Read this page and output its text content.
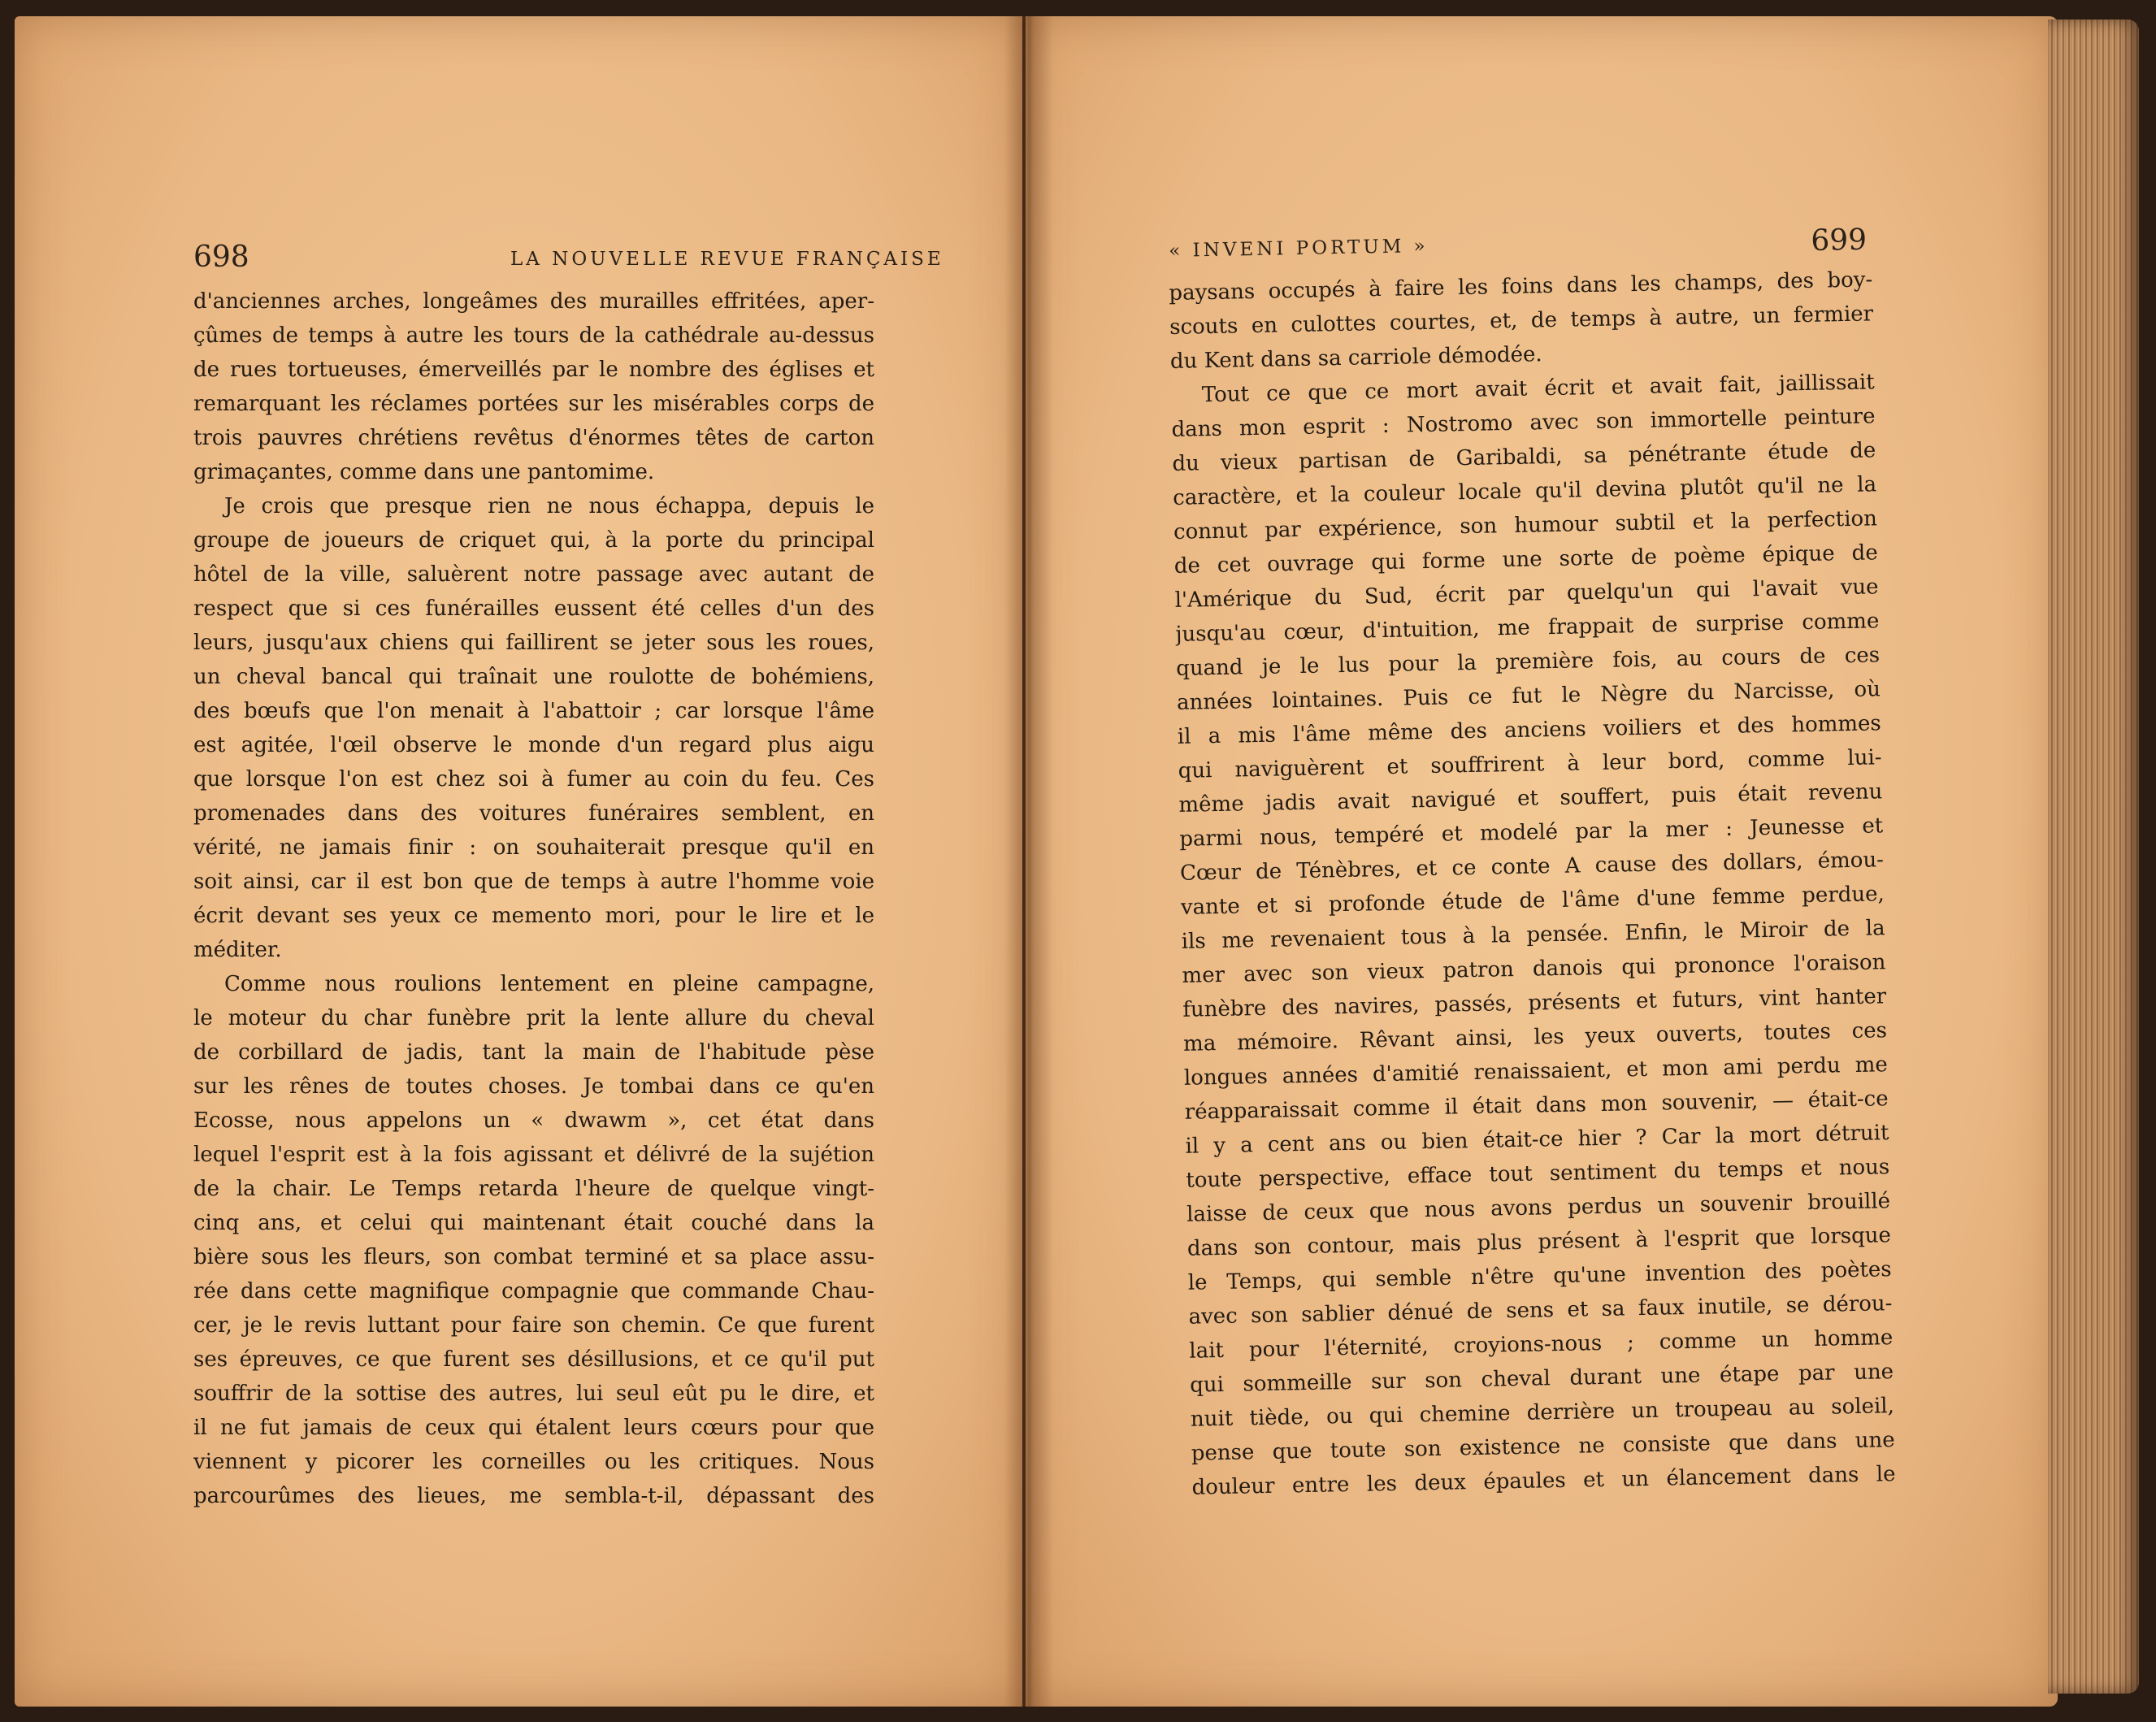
698	LA NOUVELLE REVUE FRANÇAISE
d'anciennes arches, longeâmes des murailles effritées, aper-
çûmes de temps à autre les tours de la cathédrale au-dessus
de rues tortueuses, émerveillés par le nombre des églises et
remarquant les réclames portées sur les misérables corps de
trois pauvres chrétiens revêtus d'énormes têtes de carton
grimaçantes, comme dans une pantomime.
Je crois que presque rien ne nous échappa, depuis le
groupe de joueurs de criquet qui, à la porte du principal
hôtel de la ville, saluèrent notre passage avec autant de
respect que si ces funérailles eussent été celles d'un des
leurs, jusqu'aux chiens qui faillirent se jeter sous les roues,
un cheval bancal qui traînait une roulotte de bohémiens,
des bœufs que l'on menait à l'abattoir ; car lorsque l'âme
est agitée, l'œil observe le monde d'un regard plus aigu
que lorsque l'on est chez soi à fumer au coin du feu. Ces
promenades dans des voitures funéraires semblent, en
vérité, ne jamais finir : on souhaiterait presque qu'il en
soit ainsi, car il est bon que de temps à autre l'homme voie
écrit devant ses yeux ce memento mori, pour le lire et le
méditer.
Comme nous roulions lentement en pleine campagne,
le moteur du char funèbre prit la lente allure du cheval
de corbillard de jadis, tant la main de l'habitude pèse
sur les rênes de toutes choses. Je tombai dans ce qu'en
Ecosse, nous appelons un « dwawm », cet état dans
lequel l'esprit est à la fois agissant et délivré de la sujétion
de la chair. Le Temps retarda l'heure de quelque vingt-
cinq ans, et celui qui maintenant était couché dans la
bière sous les fleurs, son combat terminé et sa place assu-
rée dans cette magnifique compagnie que commande Chau-
cer, je le revis luttant pour faire son chemin. Ce que furent
ses épreuves, ce que furent ses désillusions, et ce qu'il put
souffrir de la sottise des autres, lui seul eût pu le dire, et
il ne fut jamais de ceux qui étalent leurs cœurs pour que
viennent y picorer les corneilles ou les critiques. Nous
parcourûmes des lieues, me sembla-t-il, dépassant des
« INVENI PORTUM »	699
paysans occupés à faire les foins dans les champs, des boy-
scouts en culottes courtes, et, de temps à autre, un fermier
du Kent dans sa carriole démodée.
Tout ce que ce mort avait écrit et avait fait, jaillissait
dans mon esprit : Nostromo avec son immortelle peinture
du vieux partisan de Garibaldi, sa pénétrante étude de
caractère, et la couleur locale qu'il devina plutôt qu'il ne la
connut par expérience, son humour subtil et la perfection
de cet ouvrage qui forme une sorte de poème épique de
l'Amérique du Sud, écrit par quelqu'un qui l'avait vue
jusqu'au cœur, d'intuition, me frappait de surprise comme
quand je le lus pour la première fois, au cours de ces
années lointaines. Puis ce fut le Nègre du Narcisse, où
il a mis l'âme même des anciens voiliers et des hommes
qui naviguèrent et souffrirent à leur bord, comme lui-
même jadis avait navigué et souffert, puis était revenu
parmi nous, tempéré et modelé par la mer : Jeunesse et
Cœur de Ténèbres, et ce conte A cause des dollars, émou-
vante et si profonde étude de l'âme d'une femme perdue,
ils me revenaient tous à la pensée. Enfin, le Miroir de la
mer avec son vieux patron danois qui prononce l'oraison
funèbre des navires, passés, présents et futurs, vint hanter
ma mémoire. Rêvant ainsi, les yeux ouverts, toutes ces
longues années d'amitié renaissaient, et mon ami perdu me
réapparaissait comme il était dans mon souvenir, — était-ce
il y a cent ans ou bien était-ce hier ? Car la mort détruit
toute perspective, efface tout sentiment du temps et nous
laisse de ceux que nous avons perdus un souvenir brouillé
dans son contour, mais plus présent à l'esprit que lorsque
le Temps, qui semble n'être qu'une invention des poètes
avec son sablier dénué de sens et sa faux inutile, se dérou-
lait pour l'éternité, croyions-nous ; comme un homme
qui sommeille sur son cheval durant une étape par une
nuit tiède, ou qui chemine derrière un troupeau au soleil,
pense que toute son existence ne consiste que dans une
douleur entre les deux épaules et un élancement dans le
